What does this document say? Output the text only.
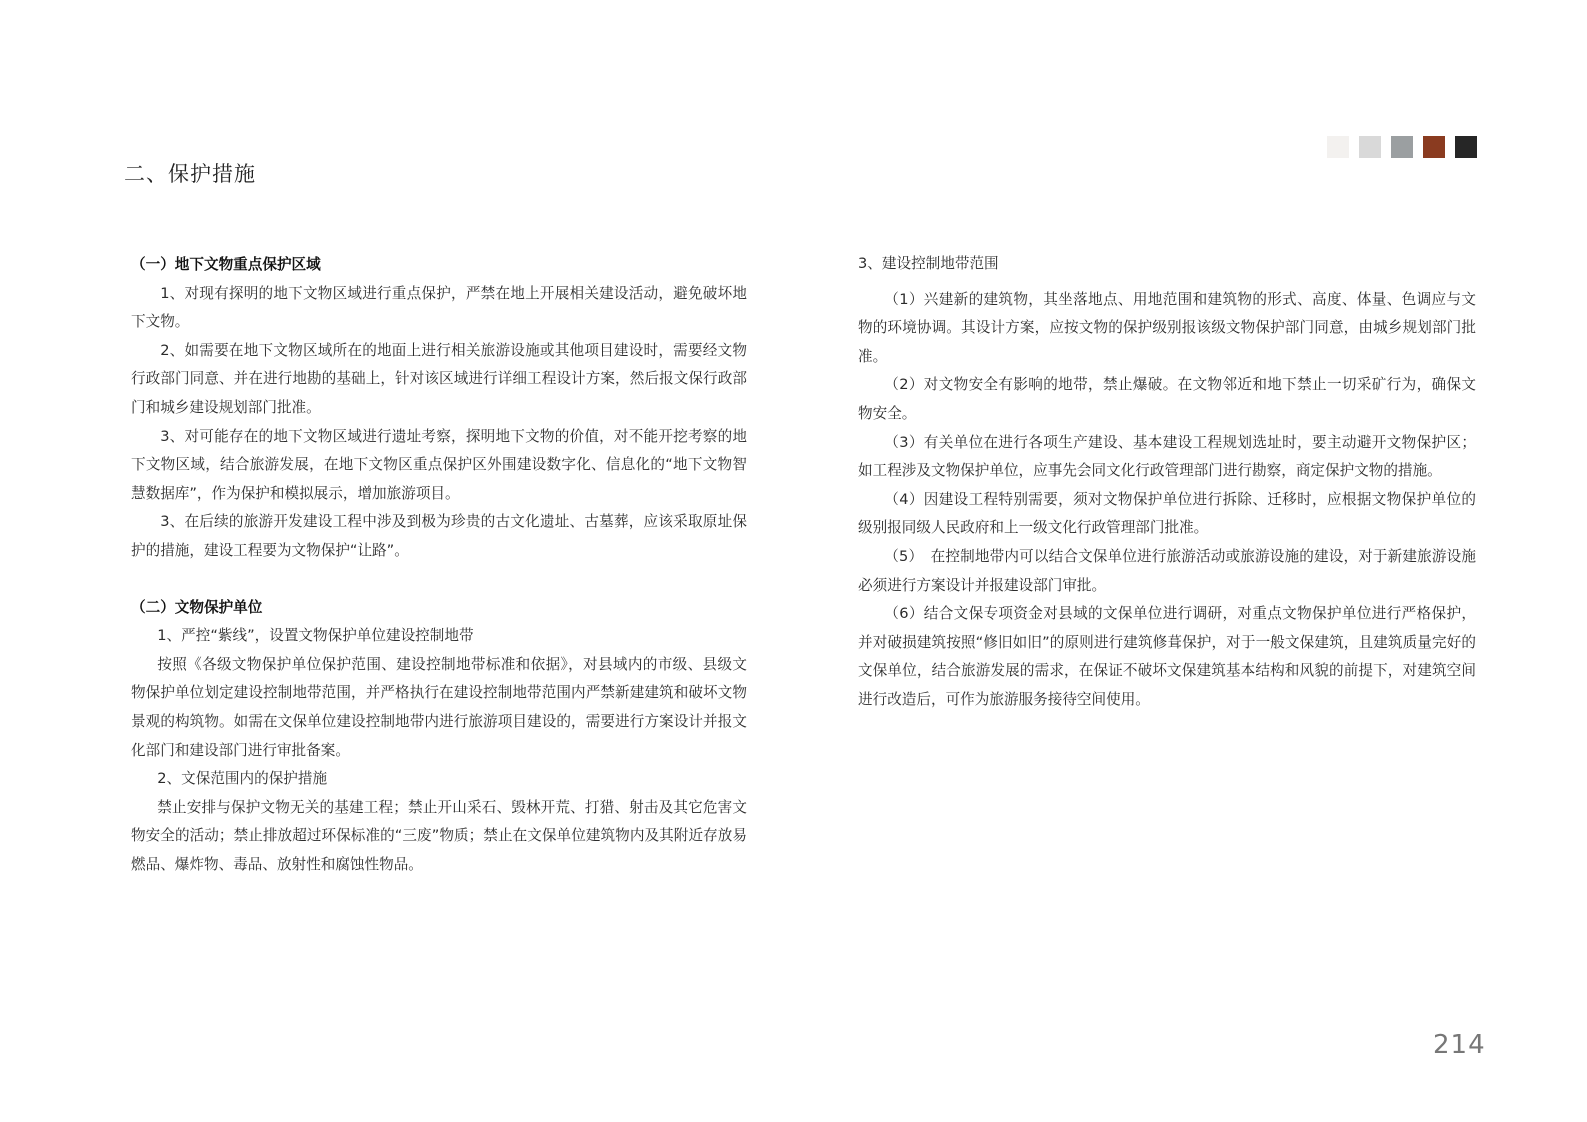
二、保护措施

（一）地下文物重点保护区域

1、对现有探明的地下文物区域进行重点保护，严禁在地上开展相关建设活动，避免破坏地下文物。

2、如需要在地下文物区域所在的地面上进行相关旅游设施或其他项目建设时，需要经文物行政部门同意、并在进行地勘的基础上，针对该区域进行详细工程设计方案，然后报文保行政部门和城乡建设规划部门批准。

3、对可能存在的地下文物区域进行遗址考察，探明地下文物的价值，对不能开挖考察的地下文物区域，结合旅游发展，在地下文物区重点保护区外围建设数字化、信息化的“地下文物智慧数据库”，作为保护和模拟展示，增加旅游项目。

3、在后续的旅游开发建设工程中涉及到极为珍贵的古文化遗址、古墓葬，应该采取原址保护的措施，建设工程要为文物保护“让路”。

（二）文物保护单位

1、严控“紫线”，设置文物保护单位建设控制地带

按照《各级文物保护单位保护范围、建设控制地带标准和依据》，对县域内的市级、县级文物保护单位划定建设控制地带范围，并严格执行在建设控制地带范围内严禁新建建筑和破坏文物景观的构筑物。如需在文保单位建设控制地带内进行旅游项目建设的，需要进行方案设计并报文化部门和建设部门进行审批备案。

2、文保范围内的保护措施

禁止安排与保护文物无关的基建工程；禁止开山采石、毁林开荒、打猎、射击及其它危害文物安全的活动；禁止排放超过环保标准的“三废”物质；禁止在文保单位建筑物内及其附近存放易燃品、爆炸物、毒品、放射性和腐蚀性物品。

3、建设控制地带范围

（1）兴建新的建筑物，其坐落地点、用地范围和建筑物的形式、高度、体量、色调应与文物的环境协调。其设计方案，应按文物的保护级别报该级文物保护部门同意，由城乡规划部门批准。

（2）对文物安全有影响的地带，禁止爆破。在文物邻近和地下禁止一切采矿行为，确保文物安全。

（3）有关单位在进行各项生产建设、基本建设工程规划选址时，要主动避开文物保护区；如工程涉及文物保护单位，应事先会同文化行政管理部门进行勘察，商定保护文物的措施。

（4）因建设工程特别需要，须对文物保护单位进行拆除、迁移时，应根据文物保护单位的级别报同级人民政府和上一级文化行政管理部门批准。

（5）　在控制地带内可以结合文保单位进行旅游活动或旅游设施的建设，对于新建旅游设施必须进行方案设计并报建设部门审批。

（6）结合文保专项资金对县域的文保单位进行调研，对重点文物保护单位进行严格保护，并对破损建筑按照“修旧如旧”的原则进行建筑修葺保护，对于一般文保建筑，且建筑质量完好的文保单位，结合旅游发展的需求，在保证不破坏文保建筑基本结构和风貌的前提下，对建筑空间进行改造后，可作为旅游服务接待空间使用。

214
